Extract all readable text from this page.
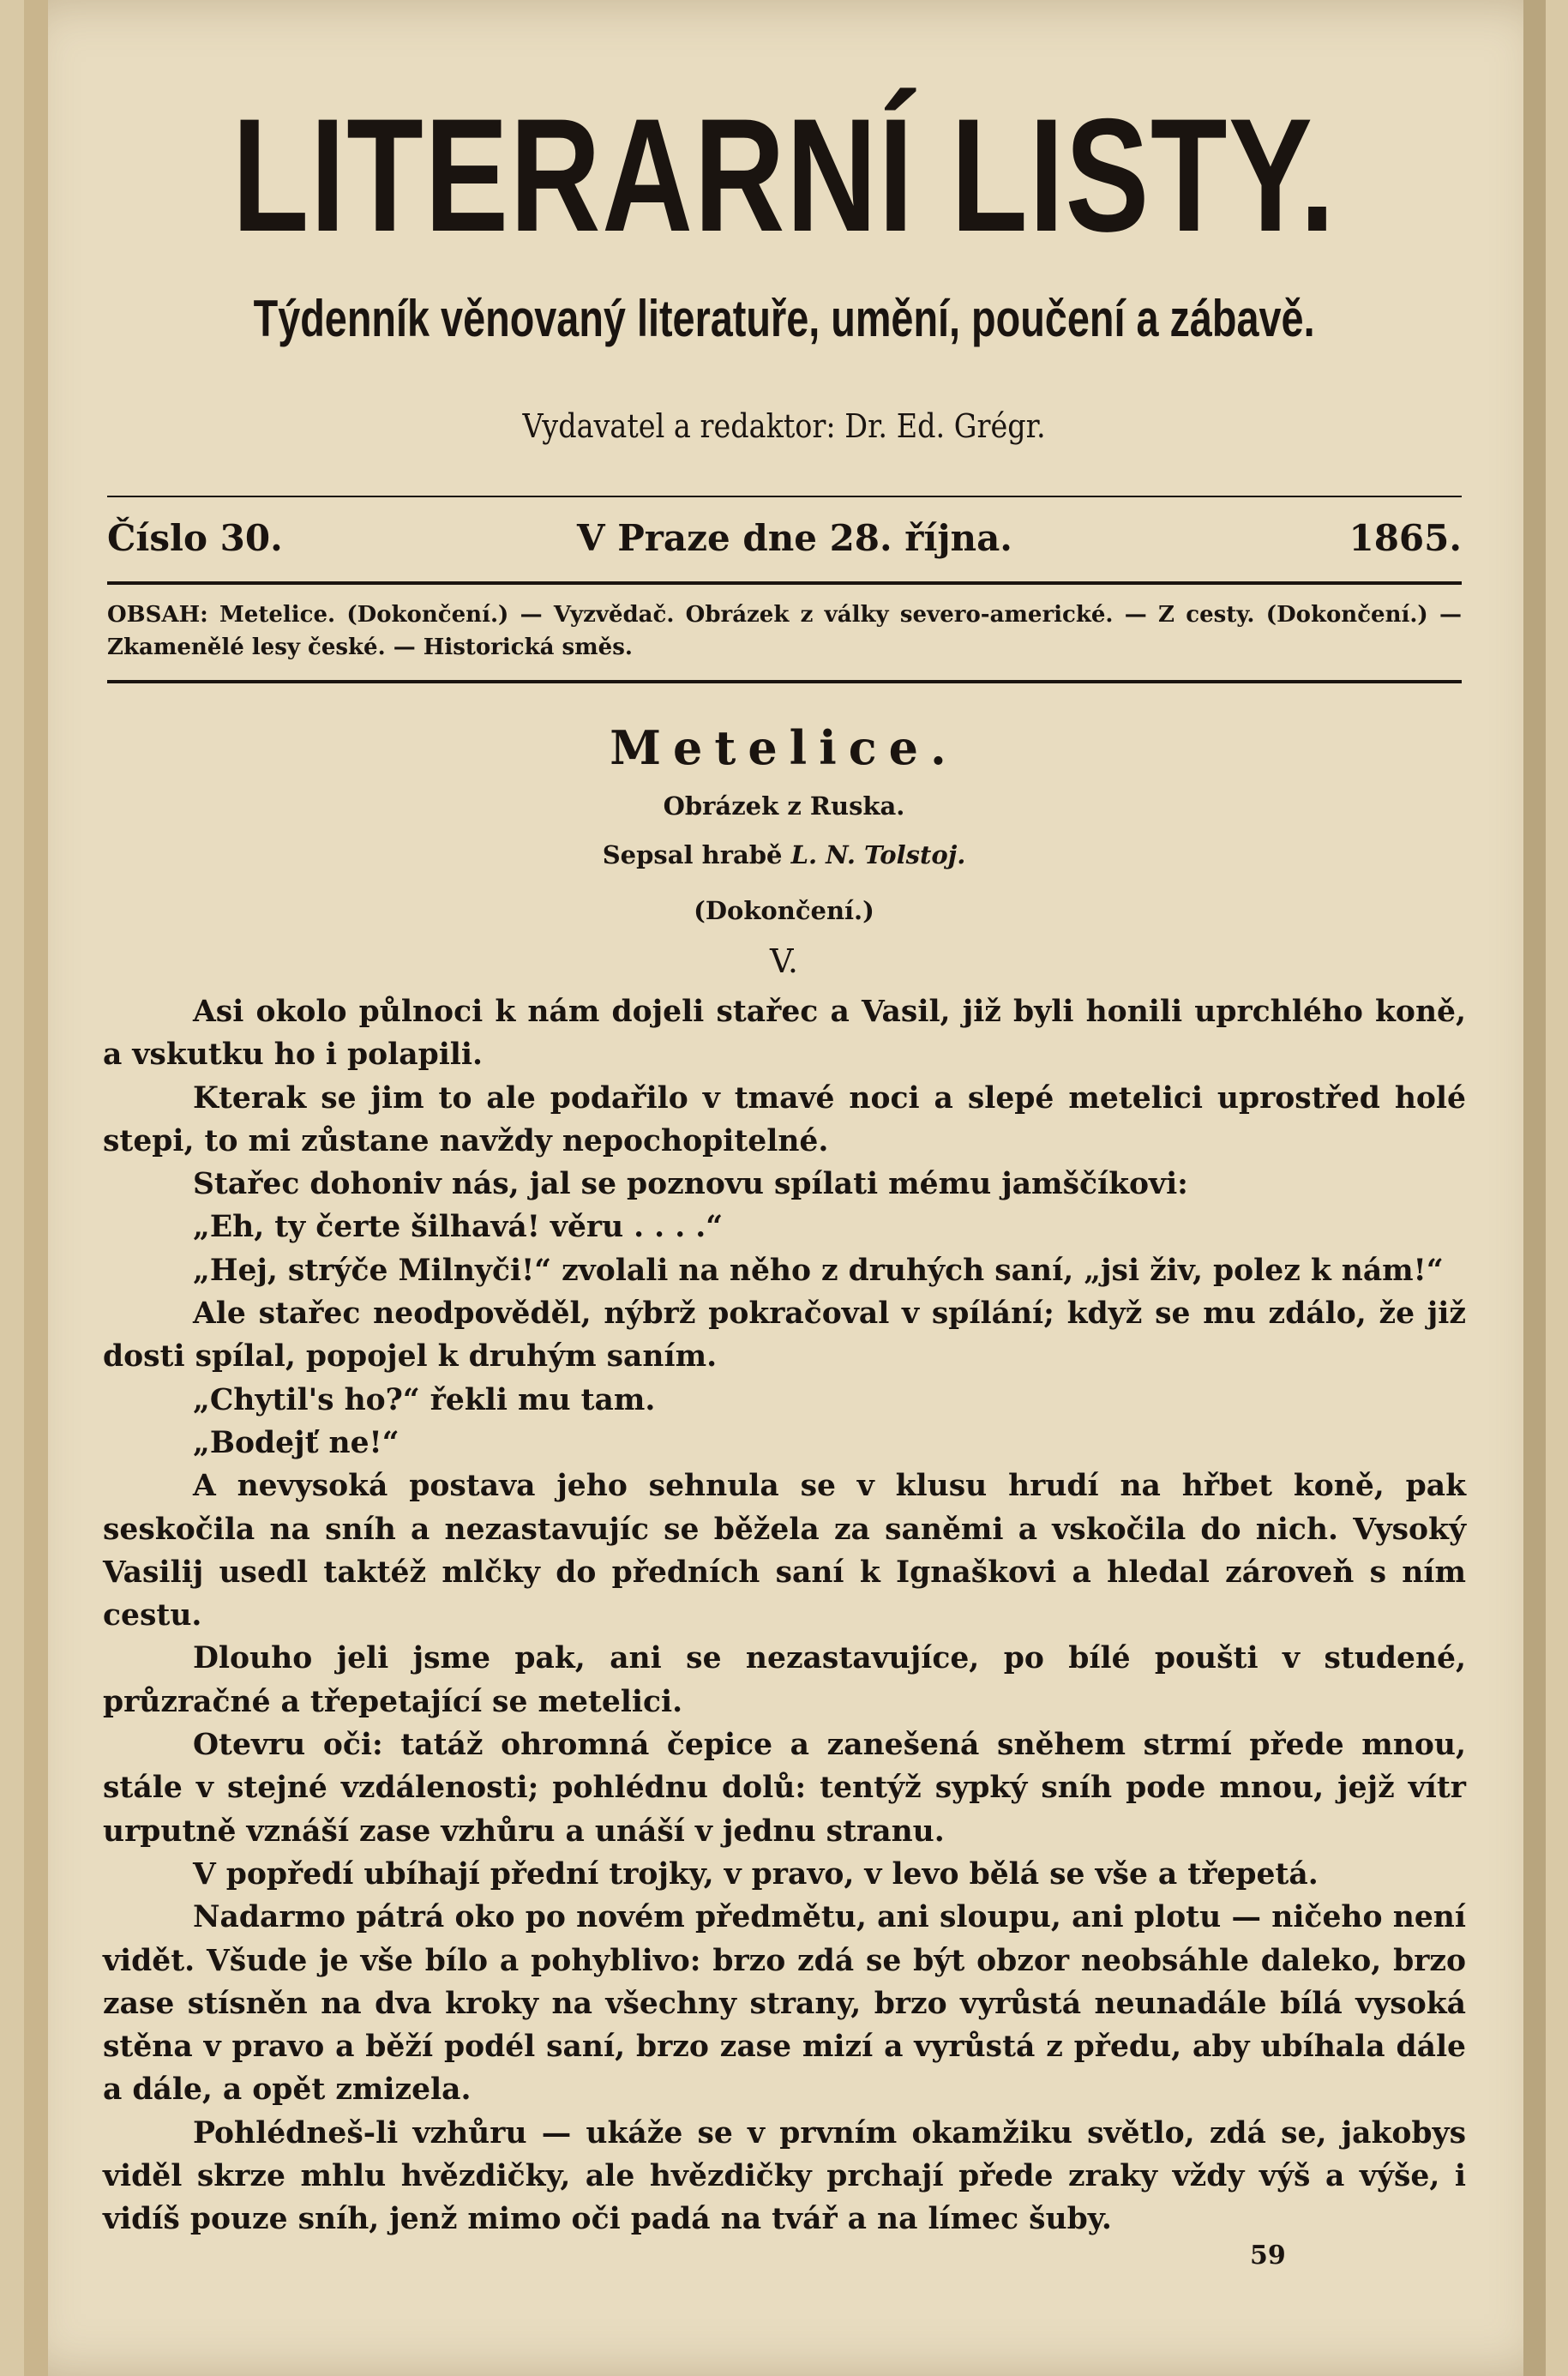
LITERARNÍ LISTY.
Týdenník věnovaný literatuře, umění, poučení a zábavě.
Vydavatel a redaktor: Dr. Ed. Grégr.
Číslo 30.	V Praze dne 28. října.	1865.
OBSAH: Metelice. (Dokončení.) — Vyzvědač. Obrázek z války severo-americké. — Z cesty. (Dokončení.) — Zkamenělé lesy české. — Historická směs.
Metelice.
Obrázek z Ruska.
Sepsal hrabě L. N. Tolstoj.
(Dokončení.)
V.

Asi okolo půlnoci k nám dojeli stařec a Vasil, již byli honili uprchlého koně, a vskutku ho i polapili.

Kterak se jim to ale podařilo v tmavé noci a slepé metelici uprostřed holé stepi, to mi zůstane navždy nepochopitelné.

Stařec dohoniv nás, jal se poznovu spílati mému jamščíkovi:

„Eh, ty čerte šilhavá! věru . . . .“

„Hej, strýče Milnyči!“ zvolali na něho z druhých saní, „jsi živ, polez k nám!“

Ale stařec neodpověděl, nýbrž pokračoval v spílání; když se mu zdálo, že již dosti spílal, popojel k druhým saním.

„Chytil's ho?“ řekli mu tam.

„Bodejť ne!“

A nevysoká postava jeho sehnula se v klusu hrudí na hřbet koně, pak seskočila na sníh a nezastavujíc se běžela za saněmi a vskočila do nich. Vysoký Vasilij usedl taktéž mlčky do předních saní k Ignaškovi a hledal zároveň s ním cestu.

Dlouho jeli jsme pak, ani se nezastavujíce, po bílé poušti v studené, průzračné a třepetající se metelici.

Otevru oči: tatáž ohromná čepice a zanešená sněhem strmí přede mnou, stále v stejné vzdálenosti; pohlédnu dolů: tentýž sypký sníh pode mnou, jejž vítr urputně vznáší zase vzhůru a unáší v jednu stranu.

V popředí ubíhají přední trojky, v pravo, v levo bělá se vše a třepetá.

Nadarmo pátrá oko po novém předmětu, ani sloupu, ani plotu — ničeho není vidět. Všude je vše bílo a pohyblivo: brzo zdá se být obzor neobsáhle daleko, brzo zase stísněn na dva kroky na všechny strany, brzo vyrůstá neunadále bílá vysoká stěna v pravo a běží podél saní, brzo zase mizí a vyrůstá z předu, aby ubíhala dále a dále, a opět zmizela.

Pohlédneš-li vzhůru — ukáže se v prvním okamžiku světlo, zdá se, jakobys viděl skrze mhlu hvězdičky, ale hvězdičky prchají přede zraky vždy výš a výše, i vidíš pouze sníh, jenž mimo oči padá na tvář a na límec šuby.

59
